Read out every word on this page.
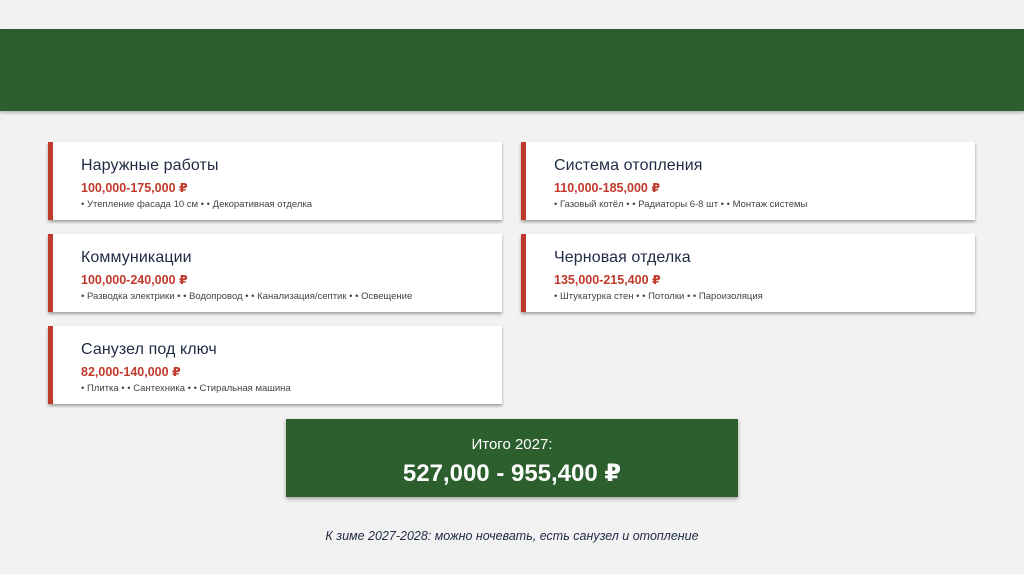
Наружные работы
100,000-175,000 ₽
• Утепление фасада 10 см • • Декоративная отделка
Система отопления
110,000-185,000 ₽
• Газовый котёл • • Радиаторы 6-8 шт • • Монтаж системы
Коммуникации
100,000-240,000 ₽
• Разводка электрики • • Водопровод • • Канализация/септик • • Освещение
Черновая отделка
135,000-215,400 ₽
• Штукатурка стен • • Потолки • • Пароизоляция
Санузел под ключ
82,000-140,000 ₽
• Плитка • • Сантехника • • Стиральная машина
Итого 2027:
527,000 - 955,400 ₽
К зиме 2027-2028: можно ночевать, есть санузел и отопление
